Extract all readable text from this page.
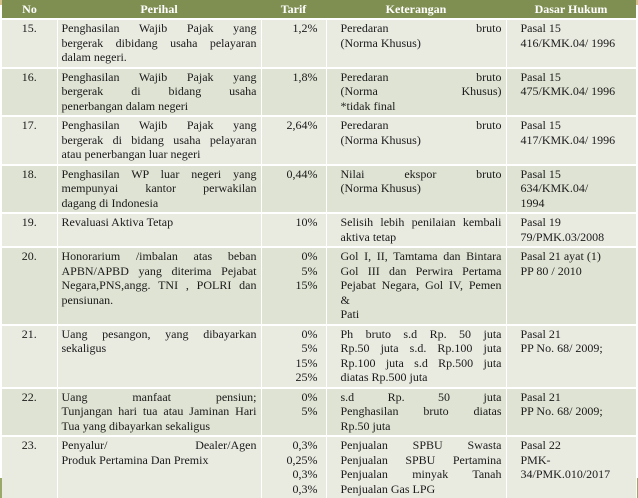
No	Perihal	Tarif	Keterangan	Dasar Hukum
15.	Penghasilan Wajib Pajak yang
bergerak dibidang usaha pelayaran
dalam negeri.	1,2%	Peredaran bruto
(Norma Khusus)	Pasal 15
416/KMK.04/ 1996

16.	Penghasilan Wajib Pajak yang
bergerak di bidang usaha
penerbangan dalam negeri	1,8%	Peredaran bruto
(Norma Khusus)
*tidak final	Pasal 15
475/KMK.04/ 1996

17.	Penghasilan Wajib Pajak yang
bergerak di bidang usaha pelayaran
atau penerbangan luar negeri	2,64%	Peredaran bruto
(Norma Khusus)	Pasal 15
417/KMK.04/ 1996

18.	Penghasilan WP luar negeri yang
mempunyai kantor perwakilan
dagang di Indonesia	0,44%	Nilai ekspor bruto
(Norma Khusus)	Pasal 15
634/KMK.04/
1994

19.	Revaluasi Aktiva Tetap	10%	Selisih lebih penilaian kembali
aktiva tetap	Pasal 19
79/PMK.03/2008

20.	Honorarium /imbalan atas beban
APBN/APBD yang diterima Pejabat
Negara,PNS,angg. TNI , POLRI dan
pensiunan.	0%
5%
15%	Gol I, II, Tamtama dan Bintara
Gol III dan Perwira Pertama
Pejabat Negara, Gol IV, Pemen &
Pati	Pasal 21 ayat (1)
PP 80 / 2010

21.	Uang pesangon, yang dibayarkan
sekaligus	0%
5%
15%
25%	Ph bruto s.d Rp. 50 juta
Rp.50 juta s.d. Rp.100 juta
Rp.100 juta s.d Rp.500 juta
diatas Rp.500 juta	Pasal 21
PP No. 68/ 2009;

22.	Uang manfaat pensiun;
Tunjangan hari tua atau Jaminan Hari
Tua yang dibayarkan sekaligus	0%
5%	s.d Rp. 50 juta
Penghasilan bruto diatas
Rp.50 juta	Pasal 21
PP No. 68/ 2009;

23.	Penyalur/ Dealer/Agen
Produk Pertamina Dan Premix	0,3%
0,25%
0,3%
0,3%	Penjualan SPBU Swasta
Penjualan SPBU Pertamina
Penjualan minyak Tanah
Penjualan Gas LPG	Pasal 22
PMK-
34/PMK.010/2017
